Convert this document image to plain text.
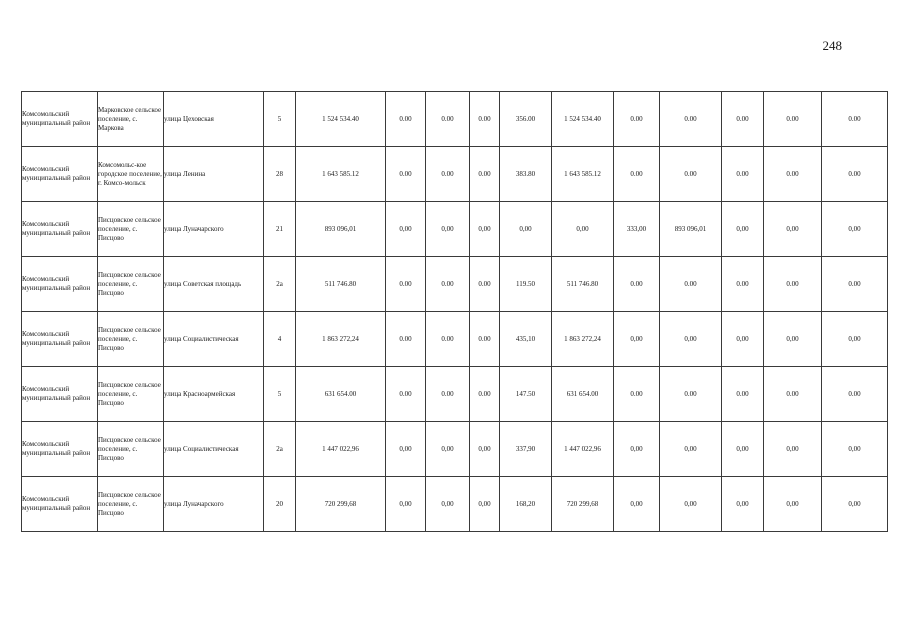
248
Комсомольский муниципальный район	Марковское сельское поселение, с. Маркова	улица Цеховская	5	1 524 534.40	0.00	0.00	0.00	356.00	1 524 534.40	0.00	0.00	0.00	0.00	0.00
Комсомольский муниципальный район	Комсомольс-кое городское поселение, г. Комсо-мольск	улица Ленина	28	1 643 585.12	0.00	0.00	0.00	383.80	1 643 585.12	0.00	0.00	0.00	0.00	0.00
Комсомольский муниципальный район	Писцовское сельское поселение, с. Писцово	улица Луначарского	21	893 096,01	0,00	0,00	0,00	0,00	0,00	333,00	893 096,01	0,00	0,00	0,00
Комсомольский муниципальный район	Писцовское сельское поселение, с. Писцово	улица Советская площадь	2а	511 746.80	0.00	0.00	0.00	119.50	511 746.80	0.00	0.00	0.00	0.00	0.00
Комсомольский муниципальный район	Писцовское сельское поселение, с. Писцово	улица Социалистическая	4	1 863 272,24	0.00	0.00	0.00	435,10	1 863 272,24	0,00	0,00	0,00	0,00	0,00
Комсомольский муниципальный район	Писцовское сельское поселение, с. Писцово	улица Красноармейская	5	631 654.00	0.00	0.00	0.00	147.50	631 654.00	0.00	0.00	0.00	0.00	0.00
Комсомольский муниципальный район	Писцовское сельское поселение, с. Писцово	улица Социалистическая	2а	1 447 022,96	0,00	0,00	0,00	337,90	1 447 022,96	0,00	0,00	0,00	0,00	0,00
Комсомольский муниципальный район	Писцовское сельское поселение, с. Писцово	улица Луначарского	20	720 299,68	0,00	0,00	0,00	168,20	720 299,68	0,00	0,00	0,00	0,00	0,00
